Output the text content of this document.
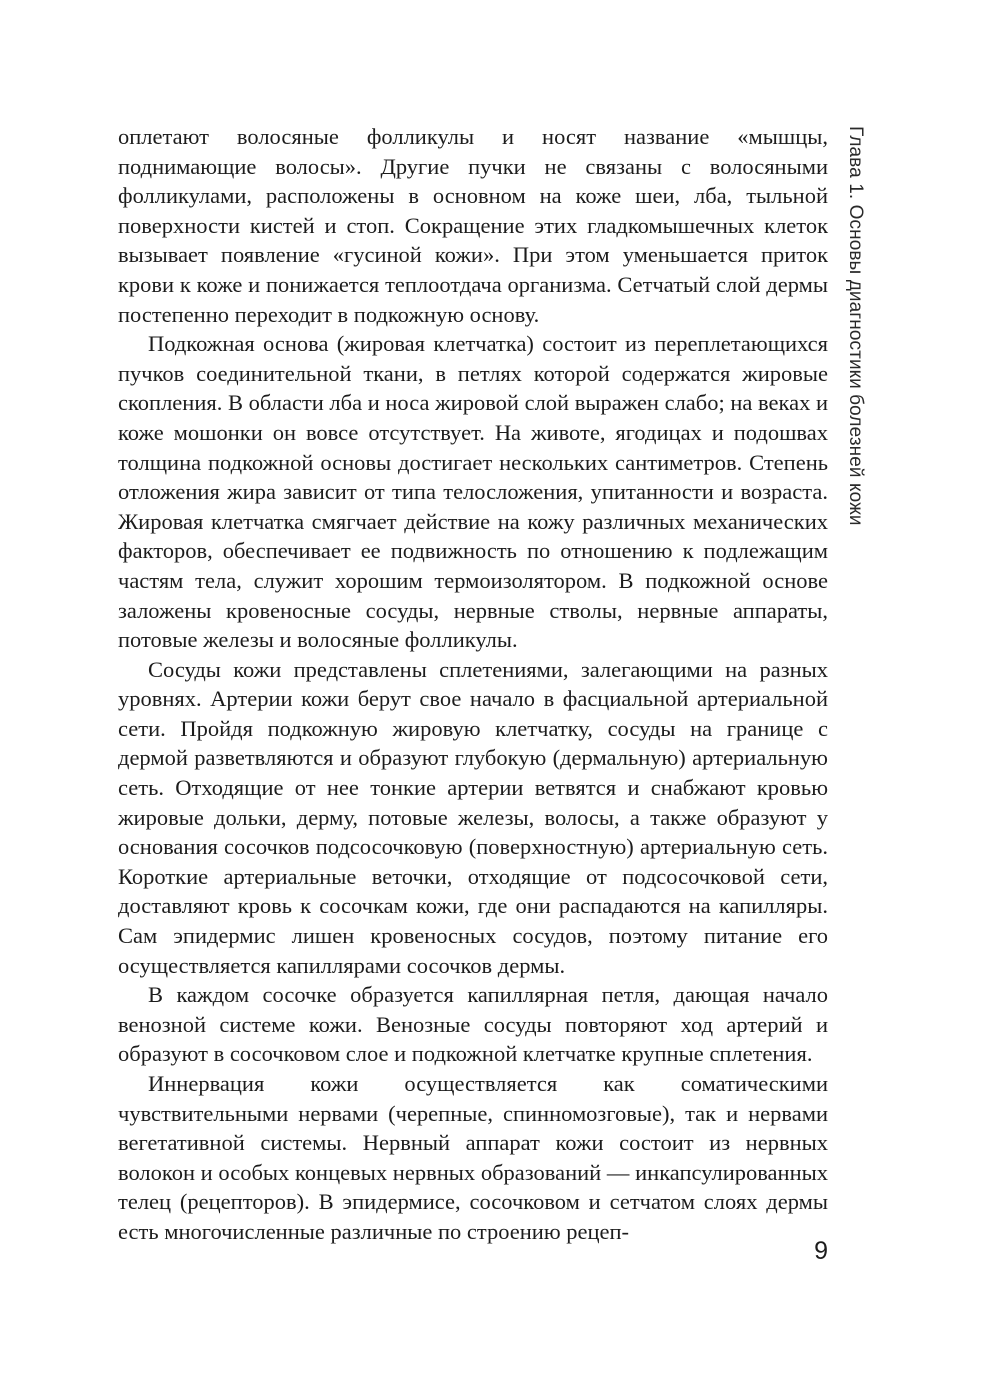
оплетают волосяные фолликулы и носят название «мышцы, поднимающие волосы». Другие пучки не связаны с волосяными фолликулами, расположены в основном на коже шеи, лба, тыльной поверхности кистей и стоп. Сокращение этих гладкомышечных клеток вызывает появление «гусиной кожи». При этом уменьшается приток крови к коже и понижается теплоотдача организма. Сетчатый слой дермы постепенно переходит в подкожную основу.

Подкожная основа (жировая клетчатка) состоит из переплетающихся пучков соединительной ткани, в петлях которой содержатся жировые скопления. В области лба и носа жировой слой выражен слабо; на веках и коже мошонки он вовсе отсутствует. На животе, ягодицах и подошвах толщина подкожной основы достигает нескольких сантиметров. Степень отложения жира зависит от типа телосложения, упитанности и возраста. Жировая клетчатка смягчает действие на кожу различных механических факторов, обеспечивает ее подвижность по отношению к подлежащим частям тела, служит хорошим термоизолятором. В подкожной основе заложены кровеносные сосуды, нервные стволы, нервные аппараты, потовые железы и волосяные фолликулы.

Сосуды кожи представлены сплетениями, залегающими на разных уровнях. Артерии кожи берут свое начало в фасциальной артериальной сети. Пройдя подкожную жировую клетчатку, сосуды на границе с дермой разветвляются и образуют глубокую (дермальную) артериальную сеть. Отходящие от нее тонкие артерии ветвятся и снабжают кровью жировые дольки, дерму, потовые железы, волосы, а также образуют у основания сосочков подсосочковую (поверхностную) артериальную сеть. Короткие артериальные веточки, отходящие от подсосочковой сети, доставляют кровь к сосочкам кожи, где они распадаются на капилляры. Сам эпидермис лишен кровеносных сосудов, поэтому питание его осуществляется капиллярами сосочков дермы.

В каждом сосочке образуется капиллярная петля, дающая начало венозной системе кожи. Венозные сосуды повторяют ход артерий и образуют в сосочковом слое и подкожной клетчатке крупные сплетения.

Иннервация кожи осуществляется как соматическими чувствительными нервами (черепные, спинномозговые), так и нервами вегетативной системы. Нервный аппарат кожи состоит из нервных волокон и особых концевых нервных образований — инкапсулированных телец (рецепторов). В эпидермисе, сосочковом и сетчатом слоях дермы есть многочисленные различные по строению рецеп-

Глава 1. Основы диагностики болезней кожи
9
